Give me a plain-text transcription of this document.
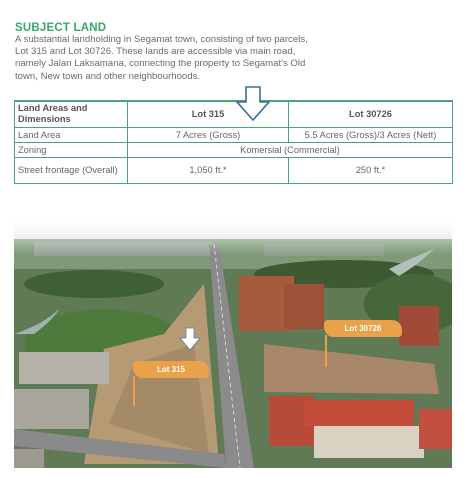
SUBJECT LAND
A substantial landholding in Segamat town, consisting of two parcels, Lot 315 and Lot 30726. These lands are accessible via main road, namely Jalan Laksamana, connecting the property to Segamat's Old town, New town and other neighbourhoods.
Land Areas and Dimensions	Lot 315	Lot 30726
Land Area	7 Acres (Gross)	5.5 Acres (Gross)/3 Acres (Nett)
Zoning	Komersial (Commercial)	
Street frontage (Overall)	1,050 ft.*	250 ft.*
Lot 315
Lot 30726
